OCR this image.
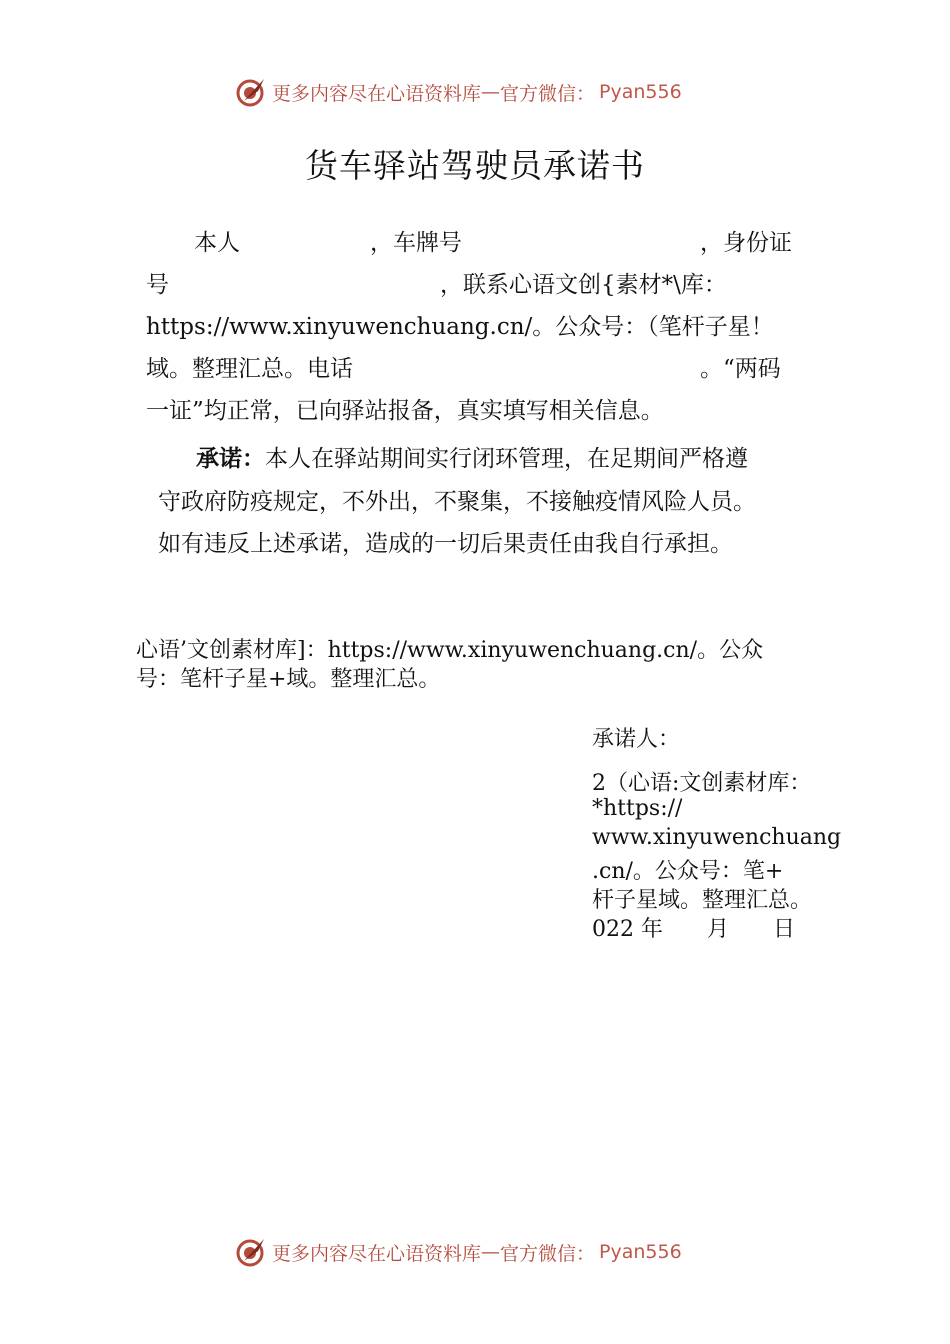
更多内容尽在心语资料库 — 官方微信： Pyan556
货车驿站驾驶员承诺书
本人	，车牌号	，身份证
号	，联系心语文创{素材*\库：
https://www.xinyuwenchuang.cn/。公众号：（笔杆子星！
域。整理汇总。电话	。“两码
一证”均正常，已向驿站报备，真实填写相关信息。
承诺：本人在驿站期间实行闭环管理，在足期间严格遵
守政府防疫规定，不外出，不聚集，不接触疫情风险人员。
如有违反上述承诺，造成的一切后果责任由我自行承担。
心语’文创素材库]：https://www.xinyuwenchuang.cn/。公众
号：笔杆子星+域。整理汇总。
承诺人：
2（心语:文创素材库：
*https://
www.xinyuwenchuang
.cn/。公众号：笔+
杆子星域。整理汇总。
022 年　　月　　日
更多内容尽在心语资料库 — 官方微信： Pyan556
